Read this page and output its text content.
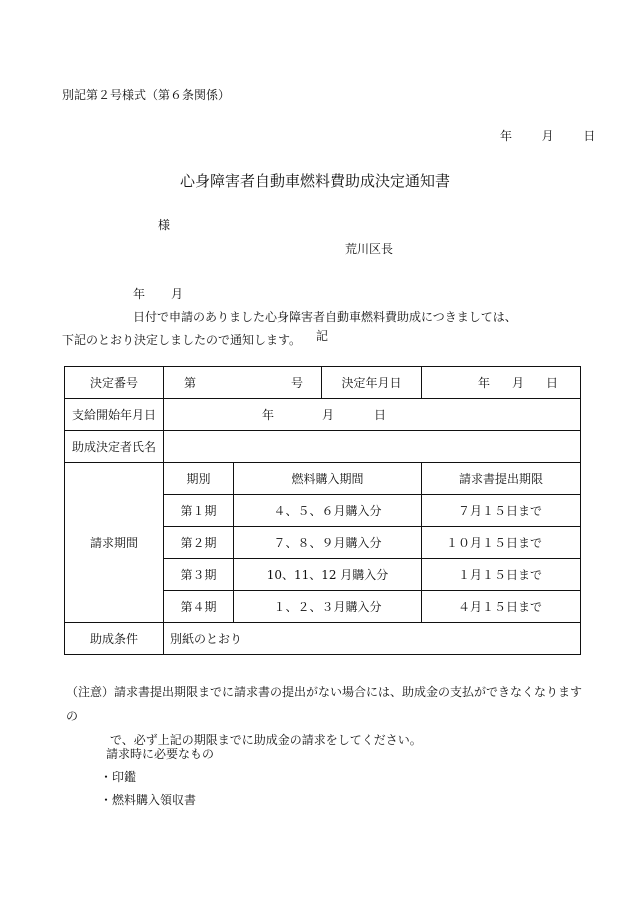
別記第２号様式（第６条関係）
年 月 日
心身障害者自動車燃料費助成決定通知書
様
荒川区長
年 月日付で申請のありました心身障害者自動車燃料費助成につきましては、
下記のとおり決定しましたので通知します。	記
決定番号	第 号		決定年月日	年 月 日
支給開始年月日	年 月 日			
助成決定者氏名				
請求期間	期別	燃料購入期間		請求書提出期限
	第１期	４、５、６月購入分		７月１５日まで
	第２期	７、８、９月購入分		１０月１５日まで
	第３期	10、11、12 月購入分		１月１５日まで
	第４期	１、２、３月購入分		４月１５日まで
助成条件	別紙のとおり			
（注意）請求書提出期限までに請求書の提出がない場合には、助成金の支払ができなくなりますの
で、必ず上記の期限までに助成金の請求をしてください。
請求時に必要なもの
・印鑑
・燃料購入領収書
